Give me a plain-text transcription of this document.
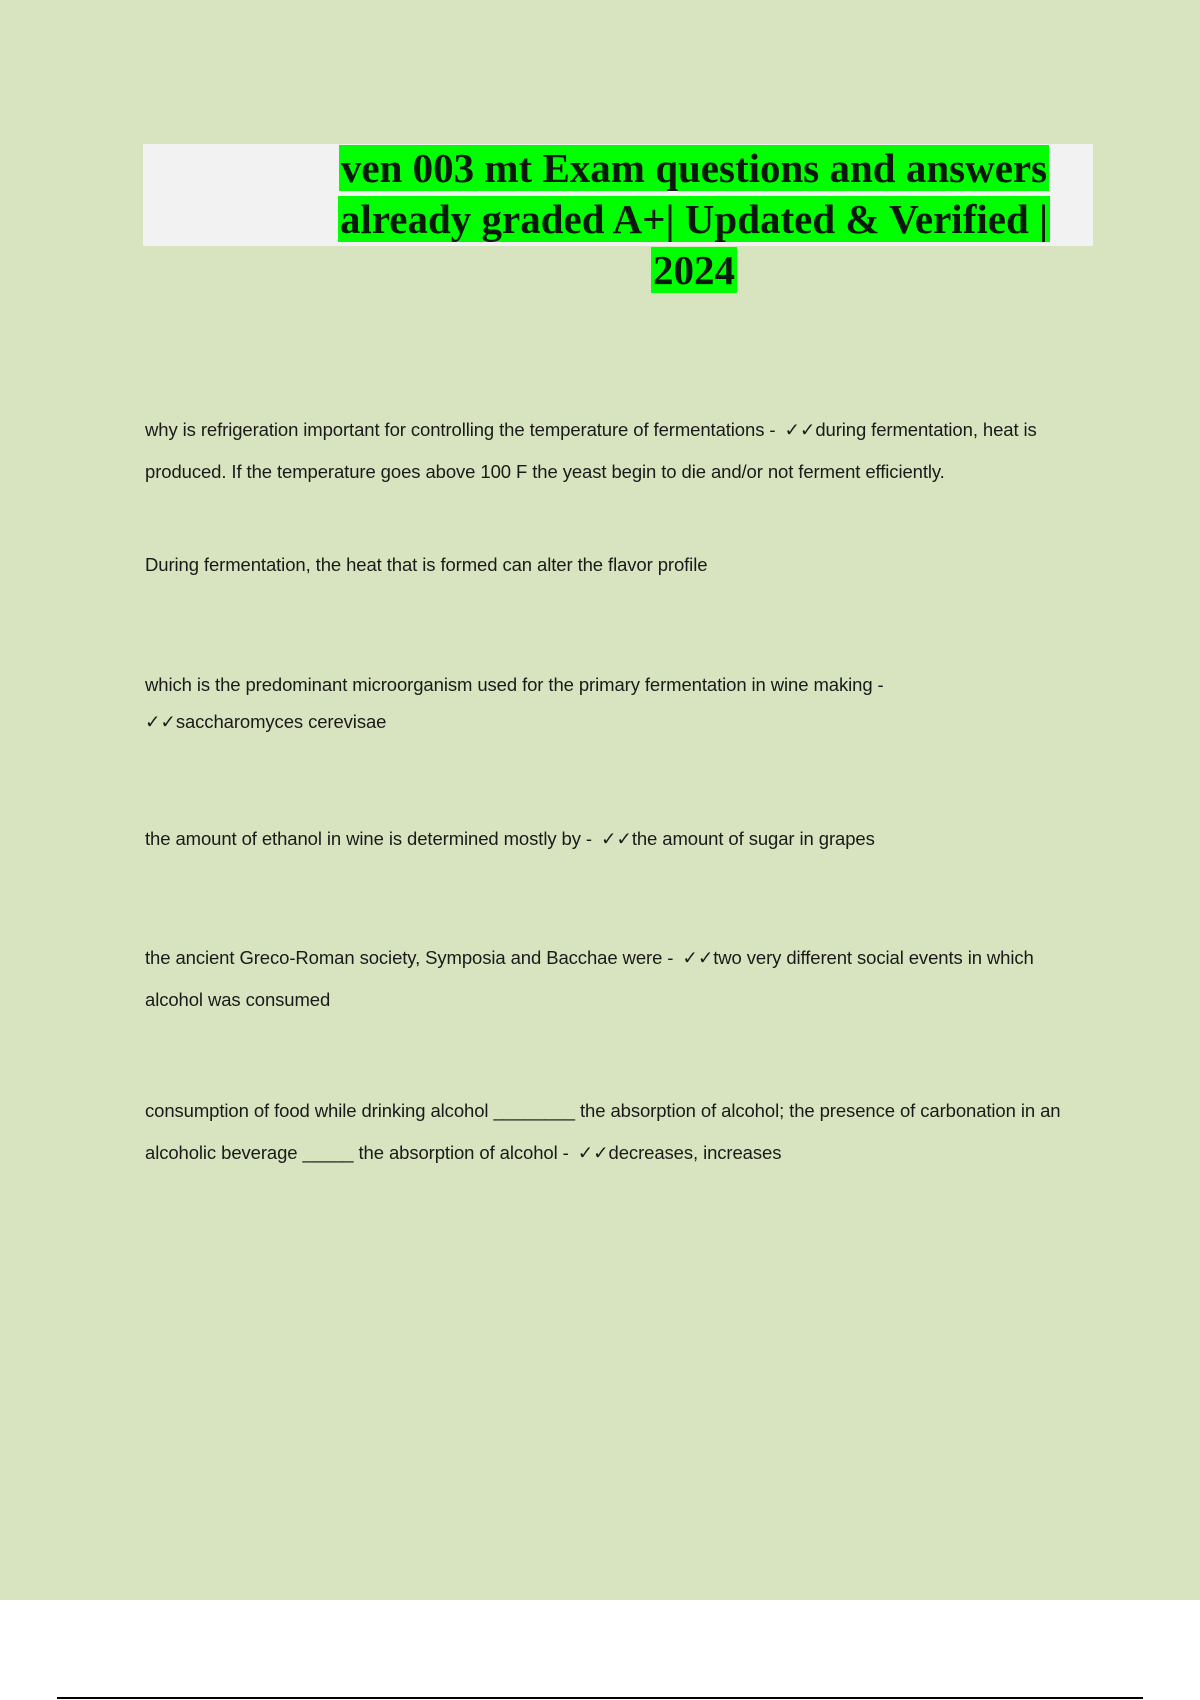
ven 003 mt Exam questions and answers already graded A+| Updated & Verified | 2024

why is refrigeration important for controlling the temperature of fermentations - ✓✓during fermentation, heat is produced. If the temperature goes above 100 F the yeast begin to die and/or not ferment efficiently.

During fermentation, the heat that is formed can alter the flavor profile

which is the predominant microorganism used for the primary fermentation in wine making -
✓✓saccharomyces cerevisae

the amount of ethanol in wine is determined mostly by - ✓✓the amount of sugar in grapes

the ancient Greco-Roman society, Symposia and Bacchae were - ✓✓two very different social events in which alcohol was consumed

consumption of food while drinking alcohol ________ the absorption of alcohol; the presence of carbonation in an alcoholic beverage _____ the absorption of alcohol - ✓✓decreases, increases
